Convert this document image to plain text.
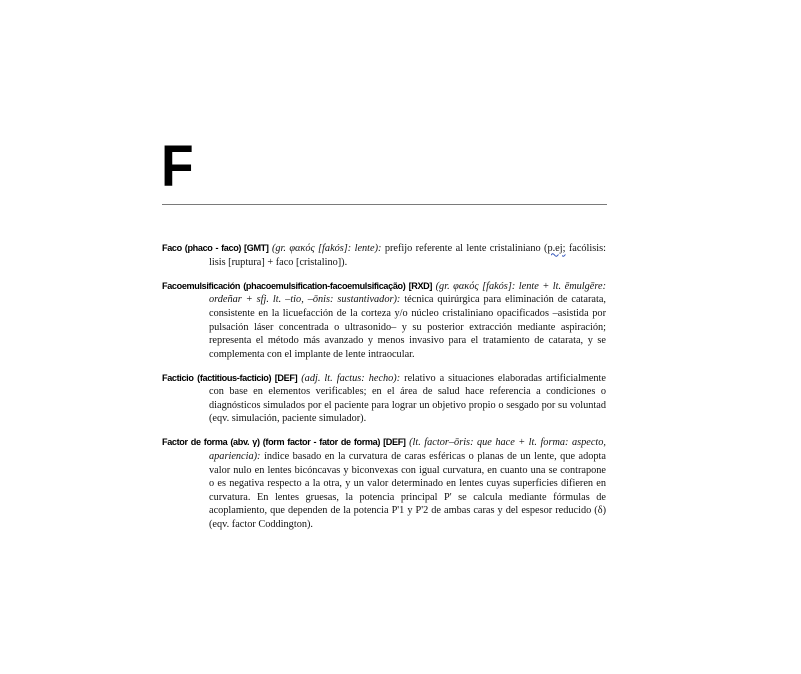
F

Faco (phaco - faco) [GMT] (gr. φακός [fakós]: lente): prefijo referente al lente cristaliniano (p.ej; facólisis: lisis [ruptura] + faco [cristalino]).

Facoemulsificación (phacoemulsification-facoemulsificação) [RXD] (gr. φακός [fakós]: lente + lt. ēmulgēre: ordeñar + sfj. lt. –tio, –ōnis: sustantivador): técnica quirúrgica para eliminación de catarata, consistente en la licuefacción de la corteza y/o núcleo cristaliniano opacificados –asistida por pulsación láser concentrada o ultrasonido– y su posterior extracción mediante aspiración; representa el método más avanzado y menos invasivo para el tratamiento de catarata, y se complementa con el implante de lente intraocular.

Facticio (factitious-facticio) [DEF] (adj. lt. factus: hecho): relativo a situaciones elaboradas artificialmente con base en elementos verificables; en el área de salud hace referencia a condiciones o diagnósticos simulados por el paciente para lograr un objetivo propio o sesgado por su voluntad (eqv. simulación, paciente simulador).

Factor de forma (abv. γ) (form factor - fator de forma) [DEF] (lt. factor–ōris: que hace + lt. forma: aspecto, apariencia): índice basado en la curvatura de caras esféricas o planas de un lente, que adopta valor nulo en lentes bicóncavas y biconvexas con igual curvatura, en cuanto una se contrapone o es negativa respecto a la otra, y un valor determinado en lentes cuyas superficies difieren en curvatura. En lentes gruesas, la potencia principal P' se calcula mediante fórmulas de acoplamiento, que dependen de la potencia P'1 y P'2 de ambas caras y del espesor reducido (δ) (eqv. factor Coddington).
